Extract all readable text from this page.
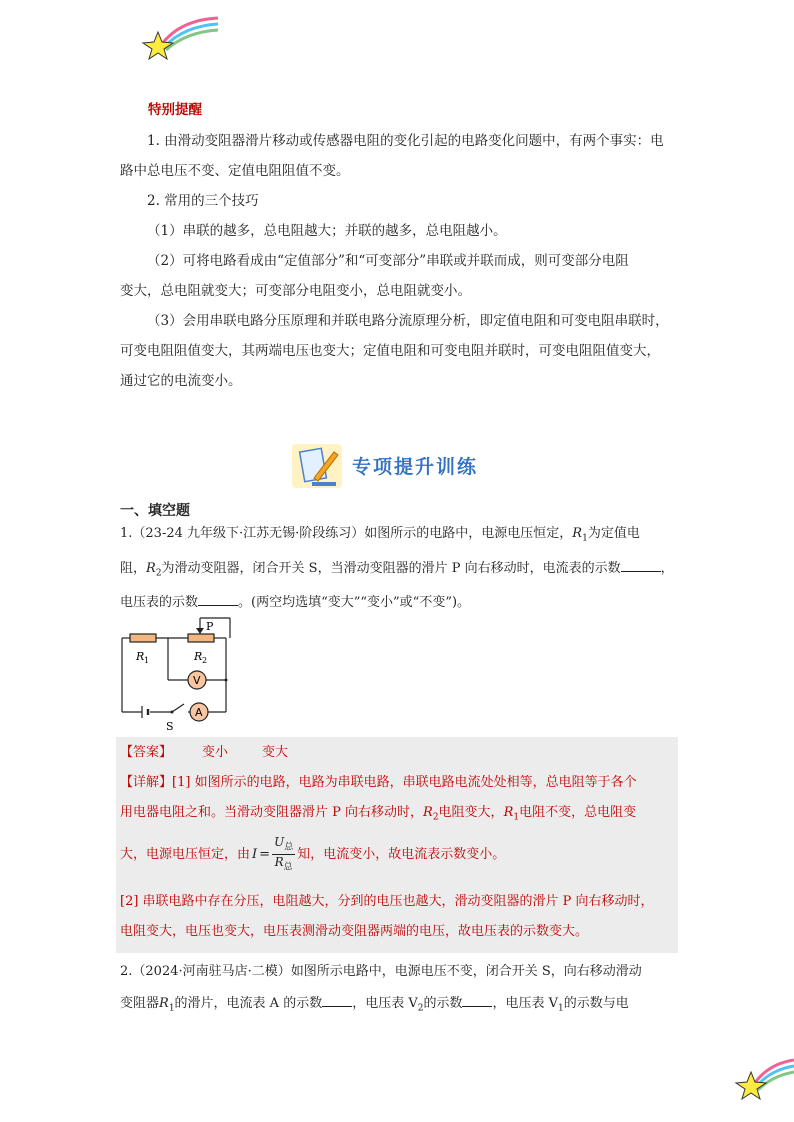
特别提醒
1. 由滑动变阻器滑片移动或传感器电阻的变化引起的电路变化问题中，有两个事实：电
路中总电压不变、定值电阻阻值不变。
2. 常用的三个技巧
（1）串联的越多，总电阻越大；并联的越多，总电阻越小。
（2）可将电路看成由“定值部分”和“可变部分”串联或并联而成，则可变部分电阻
变大，总电阻就变大；可变部分电阻变小，总电阻就变小。
（3）会用串联电路分压原理和并联电路分流原理分析，即定值电阻和可变电阻串联时，
可变电阻阻值变大，其两端电压也变大；定值电阻和可变电阻并联时，可变电阻阻值变大，
通过它的电流变小。
专项提升训练
一、填空题
1.（23-24 九年级下·江苏无锡·阶段练习）如图所示的电路中，电源电压恒定，$R_1$为定值电
阻，$R_2$为滑动变阻器，闭合开关 S，当滑动变阻器的滑片 P 向右移动时，电流表的示数	，
电压表的示数	。(两空均选填“变大”“变小”或“不变”)。
P
R 1	R 2
V
A
S
【答案】 变小	变大
【详解】[1] 如图所示的电路，电路为串联电路，串联电路电流处处相等，总电阻等于各个
用电器电阻之和。当滑动变阻器滑片 P 向右移动时，$R_2$电阻变大，$R_1$电阻不变，总电阻变
大，电源电压恒定，由 I =
$U_总$
$R_总$
知，电流变小，故电流表示数变小。
[2] 串联电路中存在分压，电阻越大，分到的电压也越大，滑动变阻器的滑片 P 向右移动时，
电阻变大，电压也变大，电压表测滑动变阻器两端的电压，故电压表的示数变大。
2.（2024·河南驻马店·二模）如图所示电路中，电源电压不变，闭合开关 S，向右移动滑动
变阻器$R_1$的滑片，电流表 A 的示数 ，电压表 $V_2$的示数 ，电压表 $V_1$的示数与电
